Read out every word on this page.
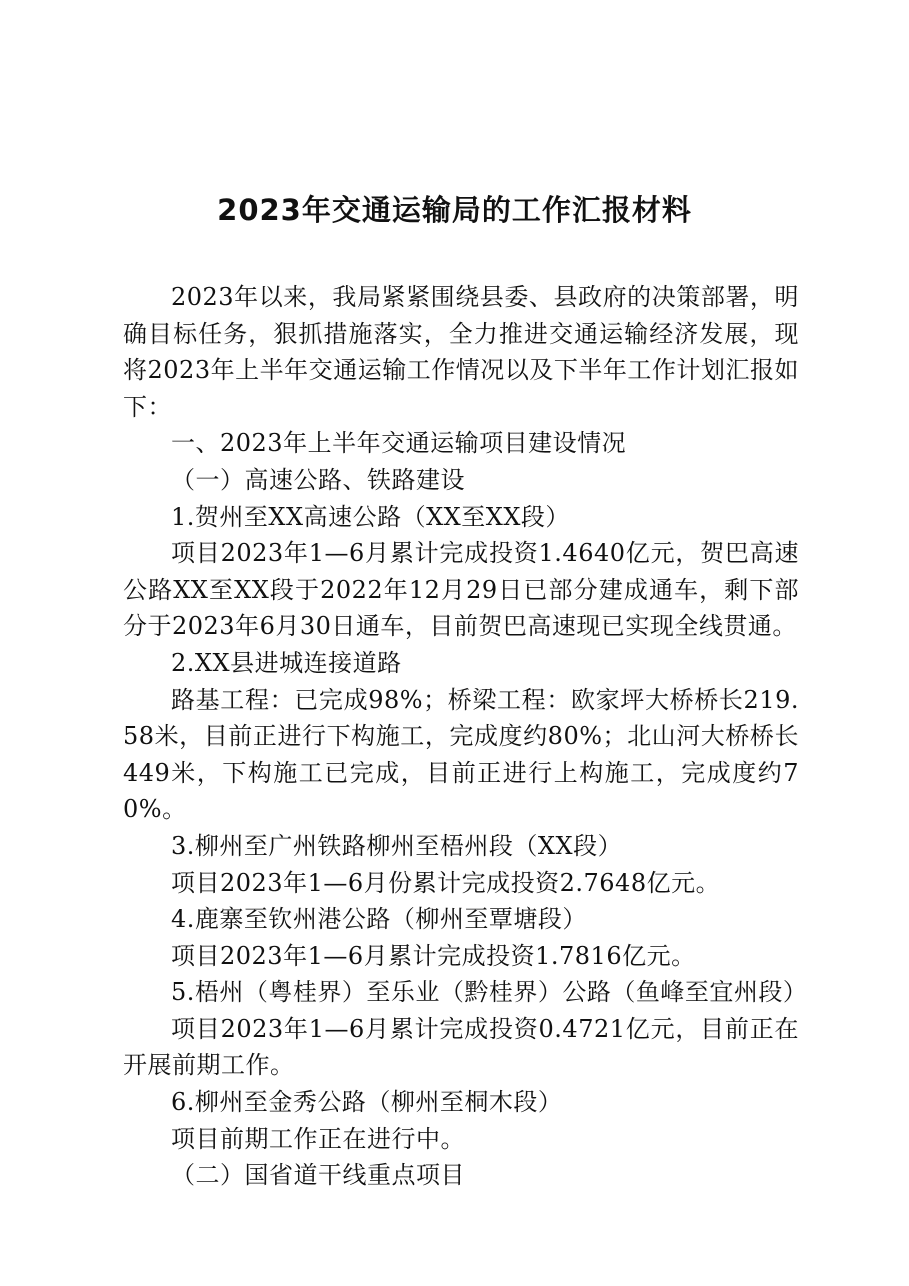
2023年交通运输局的工作汇报材料

2023年以来，我局紧紧围绕县委、县政府的决策部署，明确目标任务，狠抓措施落实，全力推进交通运输经济发展，现将2023年上半年交通运输工作情况以及下半年工作计划汇报如下：

一、2023年上半年交通运输项目建设情况

（一）高速公路、铁路建设

1.贺州至XX高速公路（XX至XX段）

项目2023年1—6月累计完成投资1.4640亿元，贺巴高速公路XX至XX段于2022年12月29日已部分建成通车，剩下部分于2023年6月30日通车，目前贺巴高速现已实现全线贯通。

2.XX县进城连接道路

路基工程：已完成98%；桥梁工程：欧家坪大桥桥长219.58米，目前正进行下构施工，完成度约80%；北山河大桥桥长449米，下构施工已完成，目前正进行上构施工，完成度约70%。

3.柳州至广州铁路柳州至梧州段（XX段）

项目2023年1—6月份累计完成投资2.7648亿元。

4.鹿寨至钦州港公路（柳州至覃塘段）

项目2023年1—6月累计完成投资1.7816亿元。

5.梧州（粤桂界）至乐业（黔桂界）公路（鱼峰至宜州段）

项目2023年1—6月累计完成投资0.4721亿元，目前正在开展前期工作。

6.柳州至金秀公路（柳州至桐木段）

项目前期工作正在进行中。

（二）国省道干线重点项目
